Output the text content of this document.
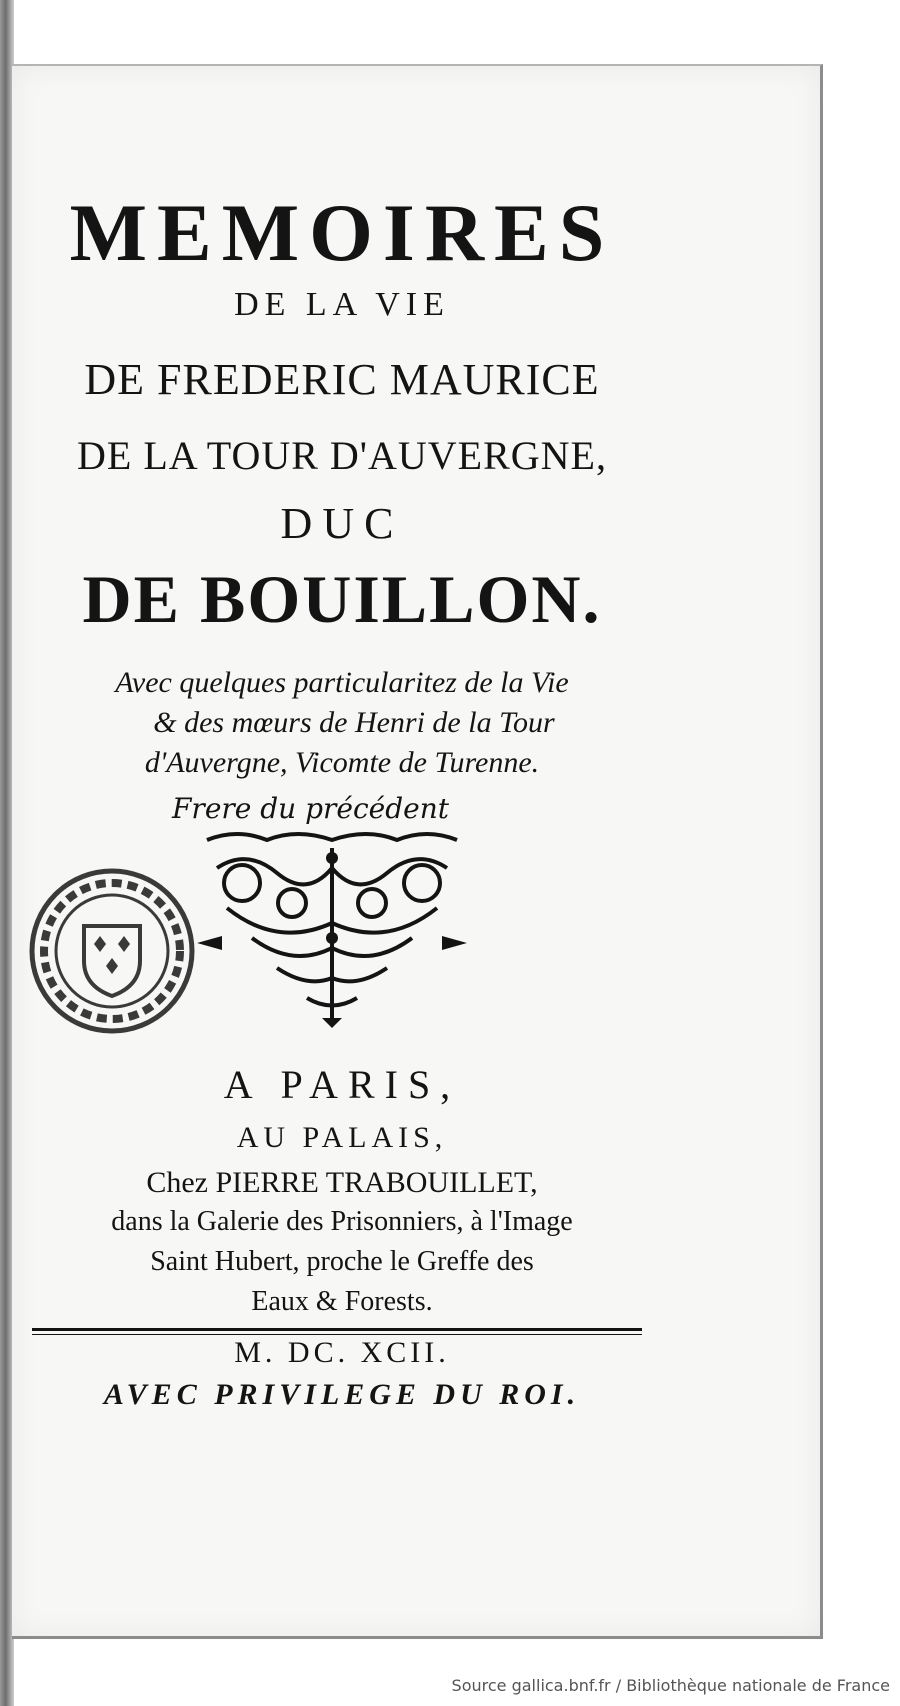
MEMOIRES
DE LA VIE
DE FREDERIC MAURICE
DE LA TOUR D'AUVERGNE,
DUC
DE BOUILLON.
Avec quelques particularitez de la Vie
& des mœurs de Henri de la Tour
d'Auvergne, Vicomte de Turenne.
Frere du précédent
A PARIS,
AU PALAIS,
Chez PIERRE TRABOUILLET,
dans la Galerie des Prisonniers, à l'Image
Saint Hubert, proche le Greffe des
Eaux & Forests.
M. DC. XCII.
AVEC PRIVILEGE DU ROI.
Source gallica.bnf.fr / Bibliothèque nationale de France
